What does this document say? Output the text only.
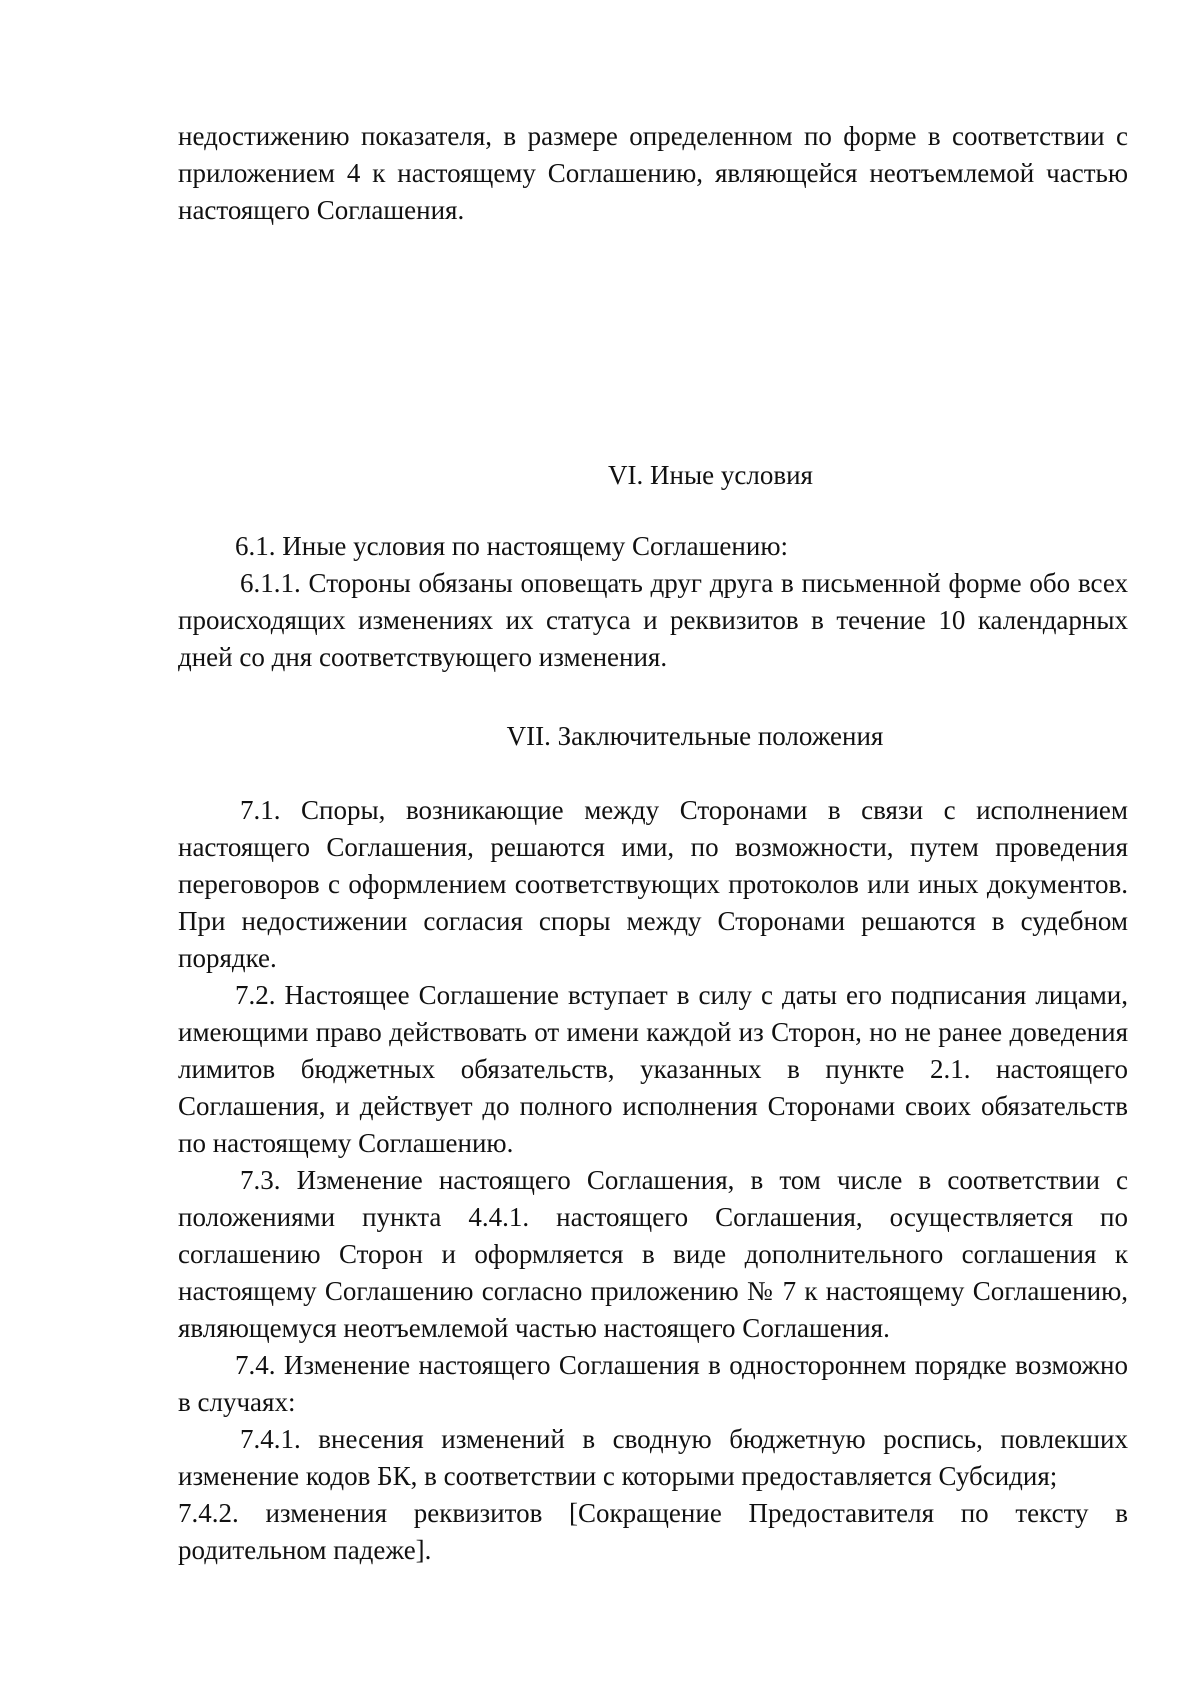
недостижению показателя, в размере определенном по форме в соответствии с приложением 4 к настоящему Соглашению, являющейся неотъемлемой частью настоящего Соглашения.

VI. Иные условия

6.1. Иные условия по настоящему Соглашению:

6.1.1. Стороны обязаны оповещать друг друга в письменной форме обо всех происходящих изменениях их статуса и реквизитов в течение 10 календарных дней со дня соответствующего изменения.

VII. Заключительные положения

7.1. Споры, возникающие между Сторонами в связи с исполнением настоящего Соглашения, решаются ими, по возможности, путем проведения переговоров с оформлением соответствующих протоколов или иных документов. При недостижении согласия споры между Сторонами решаются в судебном порядке.

7.2. Настоящее Соглашение вступает в силу с даты его подписания лицами, имеющими право действовать от имени каждой из Сторон, но не ранее доведения лимитов бюджетных обязательств, указанных в пункте 2.1. настоящего Соглашения, и действует до полного исполнения Сторонами своих обязательств по настоящему Соглашению.

7.3. Изменение настоящего Соглашения, в том числе в соответствии с положениями пункта 4.4.1. настоящего Соглашения, осуществляется по соглашению Сторон и оформляется в виде дополнительного соглашения к настоящему Соглашению согласно приложению № 7 к настоящему Соглашению, являющемуся неотъемлемой частью настоящего Соглашения.

7.4. Изменение настоящего Соглашения в одностороннем порядке возможно в случаях:

7.4.1. внесения изменений в сводную бюджетную роспись, повлекших изменение кодов БК, в соответствии с которыми предоставляется Субсидия;

7.4.2. изменения реквизитов [Сокращение Предоставителя по тексту в родительном падеже].
